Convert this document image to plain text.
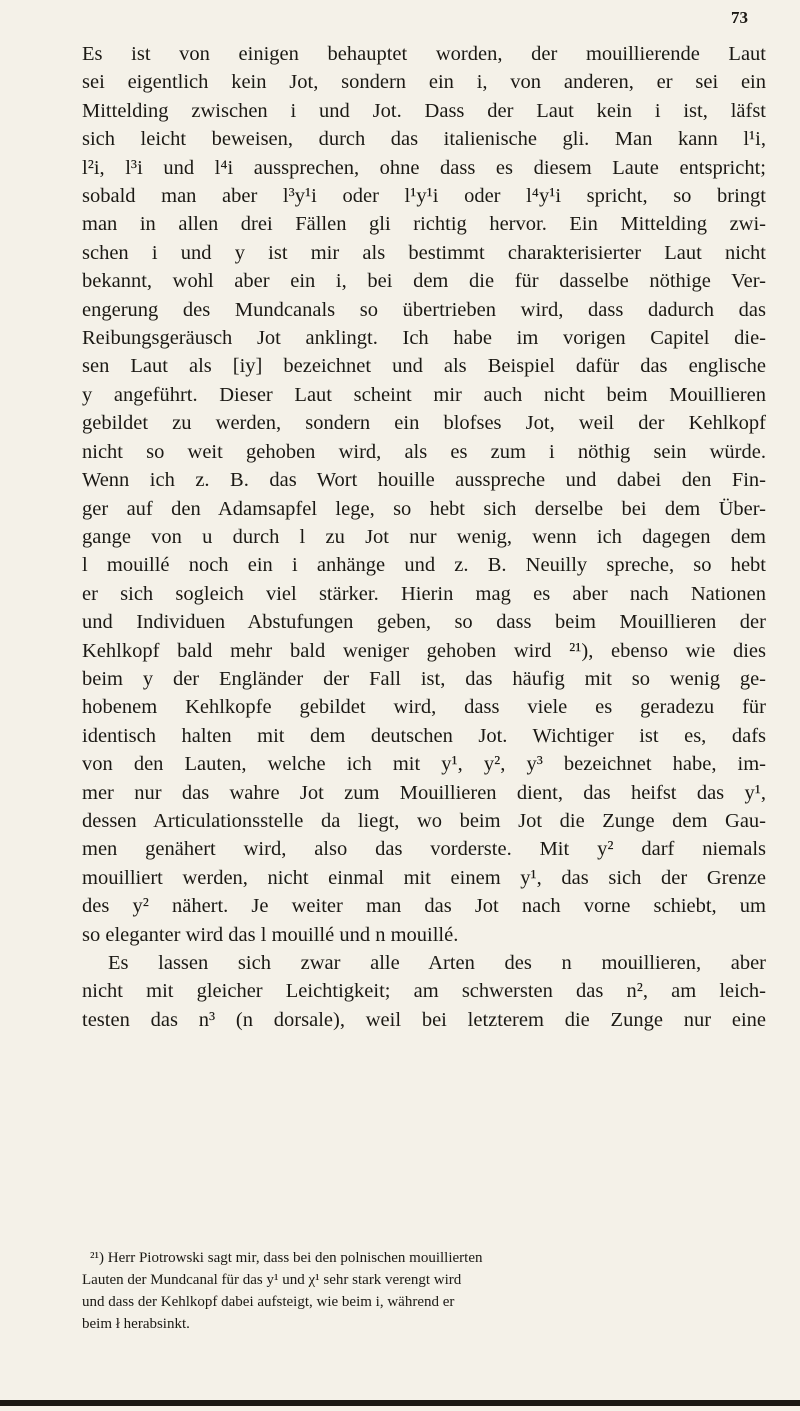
73
Es ist von einigen behauptet worden, der mouillierende Laut
sei eigentlich kein Jot, sondern ein i, von anderen, er sei ein
Mittelding zwischen i und Jot. Dass der Laut kein i ist, läfst
sich leicht beweisen, durch das italienische gli. Man kann l¹i,
l²i, l³i und l⁴i aussprechen, ohne dass es diesem Laute entspricht;
sobald man aber l³y¹i oder l¹y¹i oder l⁴y¹i spricht, so bringt
man in allen drei Fällen gli richtig hervor. Ein Mittelding zwi-
schen i und y ist mir als bestimmt charakterisierter Laut nicht
bekannt, wohl aber ein i, bei dem die für dasselbe nöthige Ver-
engerung des Mundcanals so übertrieben wird, dass dadurch das
Reibungsgeräusch Jot anklingt. Ich habe im vorigen Capitel die-
sen Laut als [iy] bezeichnet und als Beispiel dafür das englische
y angeführt. Dieser Laut scheint mir auch nicht beim Mouillieren
gebildet zu werden, sondern ein blofses Jot, weil der Kehlkopf
nicht so weit gehoben wird, als es zum i nöthig sein würde.
Wenn ich z. B. das Wort houille ausspreche und dabei den Fin-
ger auf den Adamsapfel lege, so hebt sich derselbe bei dem Über-
gange von u durch l zu Jot nur wenig, wenn ich dagegen dem
l mouillé noch ein i anhänge und z. B. Neuilly spreche, so hebt
er sich sogleich viel stärker. Hierin mag es aber nach Nationen
und Individuen Abstufungen geben, so dass beim Mouillieren der
Kehlkopf bald mehr bald weniger gehoben wird ²¹), ebenso wie dies
beim y der Engländer der Fall ist, das häufig mit so wenig ge-
hobenem Kehlkopfe gebildet wird, dass viele es geradezu für
identisch halten mit dem deutschen Jot. Wichtiger ist es, dafs
von den Lauten, welche ich mit y¹, y², y³ bezeichnet habe, im-
mer nur das wahre Jot zum Mouillieren dient, das heifst das y¹,
dessen Articulationsstelle da liegt, wo beim Jot die Zunge dem Gau-
men genähert wird, also das vorderste. Mit y² darf niemals
mouilliert werden, nicht einmal mit einem y¹, das sich der Grenze
des y² nähert. Je weiter man das Jot nach vorne schiebt, um
so eleganter wird das l mouillé und n mouillé.
Es lassen sich zwar alle Arten des n mouillieren, aber
nicht mit gleicher Leichtigkeit; am schwersten das n², am leich-
testen das n³ (n dorsale), weil bei letzterem die Zunge nur eine
²¹) Herr Piotrowski sagt mir, dass bei den polnischen mouillierten
Lauten der Mundcanal für das y¹ und χ¹ sehr stark verengt wird
und dass der Kehlkopf dabei aufsteigt, wie beim i, während er
beim ł herabsinkt.
